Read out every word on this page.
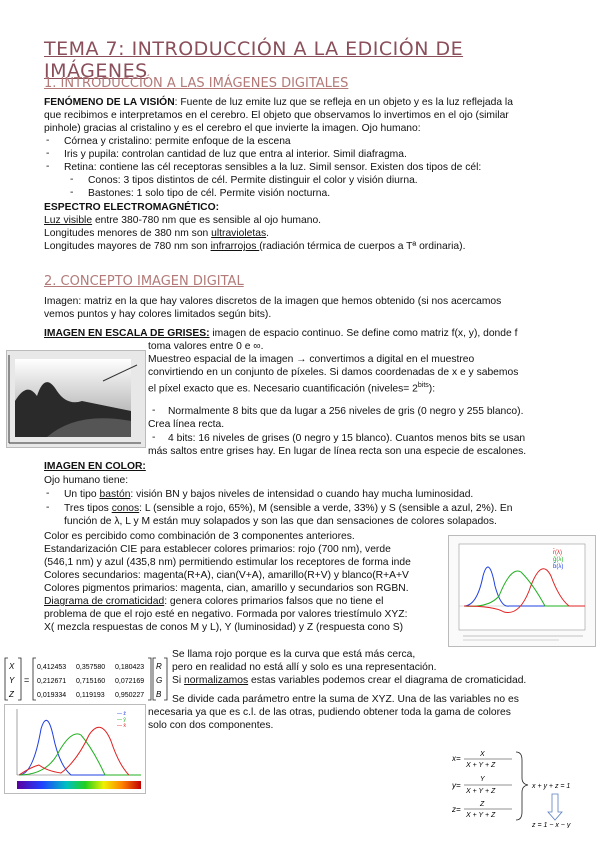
TEMA 7: INTRODUCCIÓN A LA EDICIÓN DE IMÁGENES
1. INTRODUCCIÓN A LAS IMÁGENES DIGITALES
FENÓMENO DE LA VISIÓN: Fuente de luz emite luz que se refleja en un objeto y es la luz reflejada la
que recibimos e interpretamos en el cerebro. El objeto que observamos lo invertimos en el ojo (similar
pinhole) gracias al cristalino y es el cerebro el que invierte la imagen. Ojo humano:
- Córnea y cristalino: permite enfoque de la escena
- Iris y pupila: controlan cantidad de luz que entra al interior. Simil diafragma.
- Retina: contiene las cél receptoras sensibles a la luz. Simil sensor. Existen dos tipos de cél:
- Conos: 3 tipos distintos de cél. Permite distinguir el color y visión diurna.
- Bastones: 1 solo tipo de cél. Permite visión nocturna.
ESPECTRO ELECTROMAGNÉTICO:
Luz visible entre 380-780 nm que es sensible al ojo humano.
Longitudes menores de 380 nm son ultravioletas.
Longitudes mayores de 780 nm son infrarrojos (radiación térmica de cuerpos a Tª ordinaria).
2. CONCEPTO IMAGEN DIGITAL
Imagen: matriz en la que hay valores discretos de la imagen que hemos obtenido (si nos acercamos
vemos puntos y hay colores limitados según bits).
IMAGEN EN ESCALA DE GRISES: imagen de espacio continuo. Se define como matriz f(x, y), donde f
toma valores entre 0 e ∞.
Muestreo espacial de la imagen → convertimos a digital en el muestreo
convirtiendo en un conjunto de píxeles. Si damos coordenadas de x e y sabemos
el píxel exacto que es. Necesario cuantificación (niveles= $2^{bits}$):
- Normalmente 8 bits que da lugar a 256 niveles de gris (0 negro y 255 blanco).
Crea línea recta.
- 4 bits: 16 niveles de grises (0 negro y 15 blanco). Cuantos menos bits se usan
más saltos entre grises hay. En lugar de línea recta son una especie de escalones.
IMAGEN EN COLOR:
Ojo humano tiene:
- Un tipo bastón: visión BN y bajos niveles de intensidad o cuando hay mucha luminosidad.
- Tres tipos conos: L (sensible a rojo, 65%), M (sensible a verde, 33%) y S (sensible a azul, 2%). En
función de λ, L y M están muy solapados y son las que dan sensaciones de colores solapados.
Color es percibido como combinación de 3 componentes anteriores.
Estandarización CIE para establecer colores primarios: rojo (700 nm), verde
(546,1 nm) y azul (435,8 nm) permitiendo estimular los receptores de forma inde
Colores secundarios: magenta(R+A), cian(V+A), amarillo(R+V) y blanco(R+A+V
Colores pigmentos primarios: magenta, cian, amarillo y secundarios son RGBN.
Diagrama de cromaticidad: genera colores primarios falsos que no tiene el
problema de que el rojo esté en negativo. Formada por valores triestímulo XYZ:
X( mezcla respuestas de conos M y L), Y (luminosidad) y Z (respuesta cono S)
r̄(λ)
ḡ(λ)
b̄(λ)
X
Y
Z
=
0,412453 0,357580 0,180423
0,212671 0,715160 0,072169
0,019334 0,119193 0,950227
R
G
B
Se llama rojo porque es la curva que está más cerca,
pero en realidad no está allí y solo es una representación.
Si normalizamos estas variables podemos crear el diagrama de cromaticidad.
Se divide cada parámetro entre la suma de XYZ. Una de las variables no es
necesaria ya que es c.l. de las otras, pudiendo obtener toda la gama de colores
solo con dos componentes.
— z̄
— ȳ
— x̄
x=	X
X + Y + Z
y=
Y
X + Y + Z
z=
Z
X + Y + Z
x + y + z = 1
z = 1 − x − y
